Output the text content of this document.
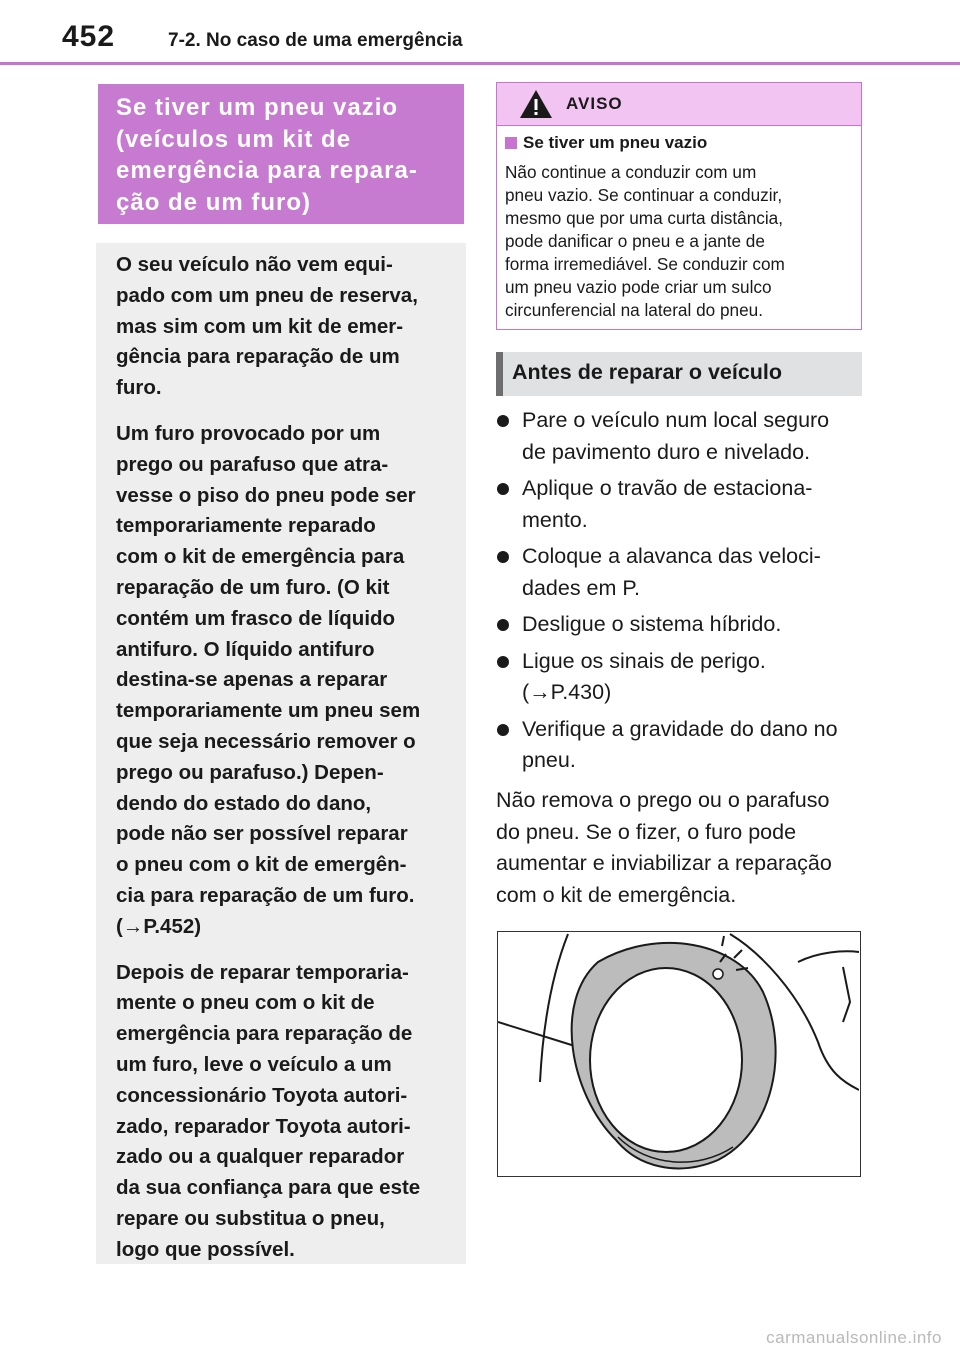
452	7-2. No caso de uma emergência
Se tiver um pneu vazio
(veículos um kit de
emergência para repara-
ção de um furo)

O seu veículo não vem equi-
pado com um pneu de reserva,
mas sim com um kit de emer-
gência para reparação de um
furo.

Um furo provocado por um
prego ou parafuso que atra-
vesse o piso do pneu pode ser
temporariamente reparado
com o kit de emergência para
reparação de um furo. (O kit
contém um frasco de líquido
antifuro. O líquido antifuro
destina-se apenas a reparar
temporariamente um pneu sem
que seja necessário remover o
prego ou parafuso.) Depen-
dendo do estado do dano,
pode não ser possível reparar
o pneu com o kit de emergên-
cia para reparação de um furo.
(→P.452)

Depois de reparar temporaria-
mente o pneu com o kit de
emergência para reparação de
um furo, leve o veículo a um
concessionário Toyota autori-
zado, reparador Toyota autori-
zado ou a qualquer reparador
da sua confiança para que este
repare ou substitua o pneu,
logo que possível.

AVISO
Se tiver um pneu vazio
Não continue a conduzir com um
pneu vazio. Se continuar a conduzir,
mesmo que por uma curta distância,
pode danificar o pneu e a jante de
forma irremediável. Se conduzir com
um pneu vazio pode criar um sulco
circunferencial na lateral do pneu.
Antes de reparar o veículo
Pare o veículo num local seguro
de pavimento duro e nivelado.
Aplique o travão de estaciona-
mento.
Coloque a alavanca das veloci-
dades em P.
Desligue o sistema híbrido.
Ligue os sinais de perigo.
(→P.430)
Verifique a gravidade do dano no
pneu.

Não remova o prego ou o parafuso
do pneu. Se o fizer, o furo pode
aumentar e inviabilizar a reparação
com o kit de emergência.

carmanualsonline.info
